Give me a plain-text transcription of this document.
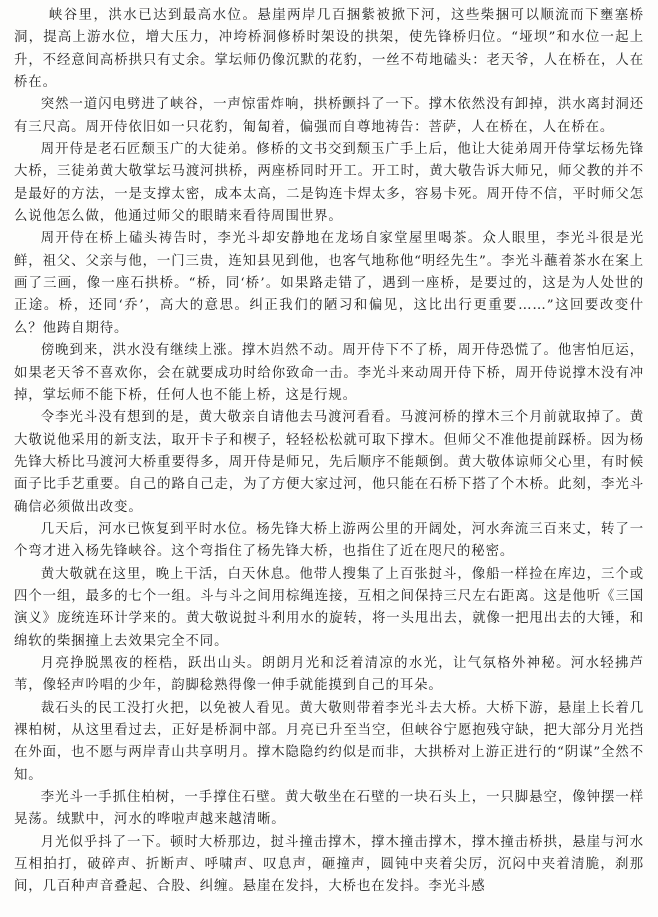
峡谷里，洪水已达到最高水位。悬崖两岸几百捆紫被掀下河，这些柴捆可以顺流而下壅塞桥洞，提高上游水位，增大压力，冲垮桥洞修桥时架设的拱架，使先锋桥归位。“垭坝”和水位一起上升，不经意间高桥拱只有丈余。掌坛师仍像沉默的花豹，一丝不苟地磕头：老天爷，人在桥在，人在桥在。

突然一道闪电劈进了峡谷，一声惊雷炸响，拱桥颤抖了一下。撑木依然没有卸掉，洪水离封洞还有三尺高。周开侍依旧如一只花豹，匍匐着，偏强而自尊地祷告：菩萨，人在桥在，人在桥在。

周开侍是老石匠颓玉广的大徒弟。修桥的文书交到颓玉广手上后，他让大徒弟周开侍掌坛杨先锋大桥，三徒弟黄大敬掌坛马渡河拱桥，两座桥同时开工。开工时，黄大敬告诉大师兄，师父教的并不是最好的方法，一是支撑太密，成本太高，二是钩连卡焊太多，容易卡死。周开侍不信，平时师父怎么说他怎么做，他通过师父的眼睛来看待周围世界。

周开侍在桥上磕头祷告时，李光斗却安静地在龙场自家堂屋里喝茶。众人眼里，李光斗很是光鲜，祖父、父亲与他，一门三贵，连知县见到他，也客气地称他“明经先生”。李光斗蘸着茶水在案上画了三画，像一座石拱桥。“桥，同‘桥’。如果路走错了，遇到一座桥，是要过的，这是为人处世的正途。桥，还同‘乔’，高大的意思。纠正我们的陋习和偏见，这比出行更重要……”这回要改变什么？他踌自期待。

傍晚到来，洪水没有继续上涨。撑木岿然不动。周开侍下不了桥，周开侍恐慌了。他害怕厄运，如果老天爷不喜欢你，会在就要成功时给你致命一击。李光斗来动周开侍下桥，周开侍说撑木没有冲掉，掌坛师不能下桥，任何人也不能上桥，这是行规。

令李光斗没有想到的是，黄大敬亲自请他去马渡河看看。马渡河桥的撑木三个月前就取掉了。黄大敬说他采用的新支法，取开卡子和楔子，轻轻松松就可取下撑木。但师父不准他提前踩桥。因为杨先锋大桥比马渡河大桥重要得多，周开侍是师兄，先后顺序不能颠倒。黄大敬体谅师父心里，有时候面子比手艺重要。自己的路自己走，为了方便大家过河，他只能在石桥下搭了个木桥。此刻，李光斗确信必须做出改变。

几天后，河水已恢复到平时水位。杨先锋大桥上游两公里的开阔处，河水奔流三百来丈，转了一个弯才进入杨先锋峡谷。这个弯指住了杨先锋大桥，也指住了近在咫尺的秘密。

黄大敬就在这里，晚上干活，白天休息。他带人搜集了上百张挝斗，像船一样捡在库边，三个或四个一组，最多的七个一组。斗与斗之间用棕绳连接，互相之间保持三尺左右距离。这是他听《三国演义》庞统连环计学来的。黄大敬说挝斗利用水的旋转，将一头甩出去，就像一把甩出去的大锤，和绵软的柴捆撞上去效果完全不同。

月亮挣脱黑夜的桎梏，跃出山头。朗朗月光和泛着清凉的水光，让气氛格外神秘。河水轻拂芦苇，像轻声吟唱的少年，韵脚稔熟得像一伸手就能摸到自己的耳朵。

裁石头的民工没打火把，以免被人看见。黄大敬则带着李光斗去大桥。大桥下游，悬崖上长着几裸柏树，从这里看过去，正好是桥洞中部。月亮已升至当空，但峡谷宁愿抱残守缺，把大部分月光挡在外面，也不愿与两岸青山共享明月。撑木隐隐约约似是而非，大拱桥对上游正进行的“阴谋”全然不知。

李光斗一手抓住柏树，一手撑住石壁。黄大敬坐在石壁的一块石头上，一只脚悬空，像钟摆一样晃荡。绒默中，河水的哗啦声越来越清晰。

月光似乎抖了一下。顿时大桥那边，挝斗撞击撑木，撑木撞击撑木，撑木撞击桥拱，悬崖与河水互相拍打，破碎声、折断声、呼啸声、叹息声，砸撞声，圆钝中夹着尖厉，沉闷中夹着清脆，刹那间，几百种声音叠起、合股、纠缠。悬崖在发抖，大桥也在发抖。李光斗感
